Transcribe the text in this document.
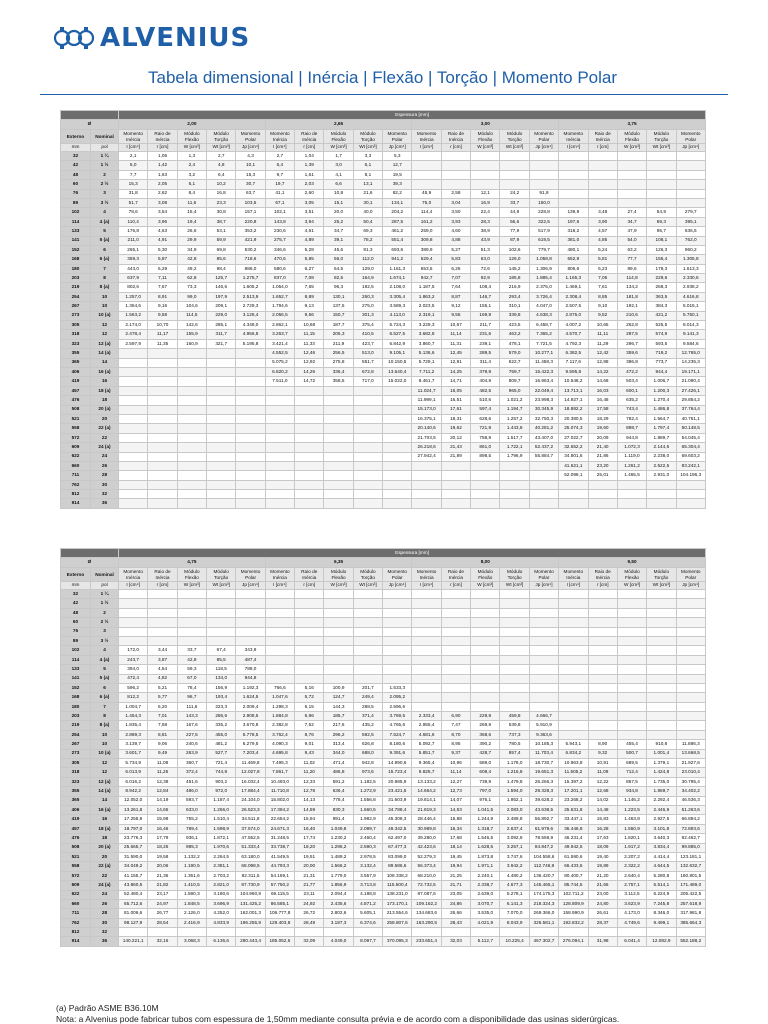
ALVENIUS
Tabela dimensional | Inércia | Flexão | Torção | Momento Polar
		Espessura [mm]																			
Ø		2,00					2,65					3,00					3,75				
Externo	Nominal	Momento Inércia	Raio de Inércia	Módulo Flexão	Módulo Torção	Momento Polar	Momento Inércia	Raio de Inércia	Módulo Flexão	Módulo Torção	Momento Polar	Momento Inércia	Raio de Inércia	Módulo Flexão	Módulo Torção	Momento Polar	Momento Inércia	Raio de Inércia	Módulo Flexão	Módulo Torção	Momento Polar
mm	pol	I [cm⁴]	r [cm]	W [cm³]	Wt [cm³]	Jp [cm⁴]	I [cm⁴]	r [cm]	W [cm³]	Wt [cm³]	Jp [cm⁴]	I [cm⁴]	r [cm]	W [cm³]	Wt [cm³]	Jp [cm⁴]	I [cm⁴]	r [cm]	W [cm³]	Wt [cm³]	Jp [cm⁴]
32	1 ¼	2,1	1,06	1,3	2,7	4,3	2,7	1,04	1,7	3,3	5,3										
42	1 ½	5,0	1,42	2,4	4,8	10,1	6,4	1,39	3,0	6,1	12,7										
48	2	7,7	1,63	3,2	6,4	15,3	9,7	1,61	4,1	8,1	19,5										
60	2 ½	15,3	2,05	5,1	10,2	30,7	19,7	2,03	6,6	13,1	39,3										
76	3	31,8	2,62	8,4	16,8	63,7	41,1	2,60	10,8	21,6	82,2	45,9	2,58	12,1	24,2	91,8					
89	3 ½	51,7	3,08	11,6	23,3	103,5	67,1	3,05	15,1	30,1	134,1	75,0	3,04	16,9	33,7	150,0					
102	4	78,6	3,54	15,4	30,8	157,1	102,1	3,51	20,0	40,0	204,2	114,4	3,50	22,4	44,9	228,8	139,9	3,48	27,4	54,9	279,7
114	4 (a)	110,4	3,96	19,4	38,7	220,8	143,8	3,94	25,2	50,4	287,5	161,2	3,93	28,3	56,6	322,5	197,6	3,90	34,7	69,3	395,1
133	5	176,8	4,63	26,6	53,1	353,2	230,6	4,61	34,7	69,3	461,2	259,0	4,60	38,9	77,9	517,9	318,2	4,57	47,9	95,7	636,5
141	5 (a)	211,0	4,91	29,9	59,9	421,9	275,7	4,89	39,1	78,2	551,4	309,8	4,88	43,9	87,9	619,5	381,0	4,85	54,0	108,1	762,0
152	6	265,1	5,30	34,9	69,8	530,2	346,6	5,28	45,6	91,3	693,6	389,9	5,27	51,3	102,6	779,7	480,1	5,24	63,2	126,3	960,2
168	6 (a)	359,3	5,87	42,8	85,6	718,6	470,6	5,85	56,0	112,0	941,2	529,4	5,83	63,0	126,0	1.058,8	652,9	5,81	77,7	155,4	1.305,8
180	7	443,0	6,29	49,2	98,4	886,0	580,6	6,27	64,5	129,0	1.161,3	653,5	6,26	72,6	145,2	1.306,9	806,6	6,23	89,6	179,3	1.613,3
203	8	637,9	7,11	62,8	125,7	1.275,7	837,0	7,08	82,5	164,9	1.674,1	942,7	7,07	92,9	185,8	1.885,4	1.165,3	7,05	114,8	229,6	2.330,6
219	8 (a)	802,6	7,67	73,3	146,6	1.605,2	1.054,0	7,65	96,3	192,5	2.108,0	1.187,5	7,64	108,4	216,9	2.375,0	1.469,1	7,61	134,2	268,3	2.938,2
254	10	1.257,0	8,91	99,0	197,9	2.513,9	1.652,7	8,89	130,1	260,3	3.305,4	1.863,2	8,87	146,7	293,4	3.726,4	2.308,4	8,85	181,8	363,5	4.616,8
267	10	1.364,6	9,16	104,6	209,1	2.729,3	1.794,6	9,13	137,5	275,0	3.589,3	2.023,5	9,12	155,1	310,1	4.047,0	2.507,5	9,10	192,1	384,3	5.015,1
273	10 (a)	1.563,2	9,58	114,5	229,0	3.126,4	2.056,5	9,56	150,7	301,3	4.113,0	2.319,1	9,55	169,9	339,8	4.638,3	2.875,0	9,52	210,6	421,2	5.750,1
305	12	2.174,0	10,70	142,6	285,1	4.348,0	2.862,1	10,68	187,7	375,4	5.724,3	3.229,3	10,67	211,7	423,5	6.458,7	4.007,2	10,65	262,8	525,5	8.014,3
318	12	2.478,4	11,17	155,9	311,7	4.956,8	3.263,7	11,15	205,3	410,5	6.527,5	3.682,8	11,14	231,6	463,2	7.365,2	4.570,7	11,11	287,5	574,9	9.141,3
323	12 (a)	2.597,9	11,35	160,9	321,7	5.195,8	3.421,4	11,33	211,9	423,7	6.842,9	3.860,7	11,31	239,1	478,1	7.721,5	4.792,3	11,29	296,7	593,5	9.584,6
355	14 (a)						4.552,5	12,46	256,5	513,0	9.105,1	5.136,6	12,45	289,5	579,0	10.277,1	6.382,5	12,42	359,6	719,2	12.765,0
365	14						5.075,2	12,92	275,8	551,7	10.150,5	5.729,1	12,91	311,4	622,7	11.458,3	7.117,6	12,88	386,8	773,7	14.235,3
406	16 (a)						6.820,2	14,26	336,4	672,8	13.640,4	7.711,2	14,25	379,9	759,7	15.422,3	9.595,8	14,22	472,2	944,4	19.171,1
419	16						7.511,0	14,72	358,5	717,0	15.022,0	8.461,7	14,71	404,9	809,7	16.963,4	10.548,2	14,68	503,4	1.006,7	21.090,4
457	18 (a)											11.024,7	16,05	482,5	965,0	22.049,4	13.713,1	16,03	600,1	1.200,3	27.426,1
476	18											11.999,1	16,51	510,6	1.021,2	23.998,3	14.927,1	16,48	635,2	1.270,4	29.854,2
508	20 (a)											15.173,0	17,61	597,4	1.194,7	30.345,9	18.882,2	17,58	743,4	1.486,8	37.764,4
521	20											16.375,1	18,31	628,6	1.257,2	32.750,3	20.380,5	18,29	782,4	1.564,7	40.761,1
558	22 (a)											20.140,6	19,62	721,9	1.443,8	40.281,2	25.074,3	19,60	898,7	1.797,4	50.148,5
572	22											21.703,5	20,12	758,9	1.517,7	43.407,0	27.022,7	20,09	944,8	1.889,7	54.045,4
609	24 (a)											26.218,6	21,43	861,0	1.722,1	52.437,2	32.652,2	21,40	1.072,3	2.144,6	65.304,4
622	24											27.942,4	21,89	898,5	1.796,9	55.884,7	34.801,6	21,86	1.119,0	2.238,0	69.603,2
660	26																41.621,1	23,20	1.261,2	2.522,5	83.242,1
711	28																52.098,1	25,01	1.465,5	2.931,0	104.196,3
762	30																				
812	32																				
914	36																				
		Espessura [mm]																			
Ø		4,75					6,35					8,00					9,50				
Externo	Nominal	Momento Inércia	Raio de Inércia	Módulo Flexão	Módulo Torção	Momento Polar	Momento Inércia	Raio de Inércia	Módulo Flexão	Módulo Torção	Momento Polar	Momento Inércia	Raio de Inércia	Módulo Flexão	Módulo Torção	Momento Polar	Momento Inércia	Raio de Inércia	Módulo Flexão	Módulo Torção	Momento Polar
mm	pol	I [cm⁴]	r [cm]	W [cm³]	Wt [cm³]	Jp [cm⁴]	I [cm⁴]	r [cm]	W [cm³]	Wt [cm³]	Jp [cm⁴]	I [cm⁴]	r [cm]	W [cm³]	Wt [cm³]	Jp [cm⁴]	I [cm⁴]	r [cm]	W [cm³]	Wt [cm³]	Jp [cm⁴]
32	1 ¼																				
42	1 ½																				
48	2																				
60	2 ½																				
76	3																				
89	3 ½																				
102	4	172,0	3,44	33,7	67,4	343,9															
114	4 (a)	243,7	3,87	42,8	85,5	487,4															
133	5	394,0	4,54	59,3	118,5	788,0															
141	5 (a)	472,4	4,82	67,0	134,0	944,8															
152	6	596,2	5,21	78,4	156,9	1.192,3	766,6	5,16	100,9	201,7	1.533,3										
168	6 (a)	812,2	5,77	96,7	193,4	1.624,5	1.047,6	5,72	124,7	249,4	2.095,2										
180	7	1.004,7	6,20	111,6	223,3	2.009,4	1.298,3	6,15	144,3	288,5	2.596,6										
203	8	1.454,3	7,01	143,3	286,6	2.908,5	1.884,8	6,96	185,7	371,4	3.769,5	2.333,4	6,90	229,9	459,8	4.666,7					
219	8 (a)	1.835,4	7,58	167,6	335,2	3.670,8	2.382,8	7,52	217,6	435,2	4.765,6	2.955,4	7,47	269,9	539,8	5.910,9					
254	10	2.889,3	8,81	227,5	455,0	5.778,5	3.762,4	8,76	296,2	592,5	7.524,7	4.681,6	8,70	368,6	737,3	9.363,6					
267	10	3.139,7	9,06	240,6	481,2	6.279,5	4.090,3	9,01	313,4	626,8	8.180,6	5.092,7	8,95	390,2	780,5	10.185,3	5.943,1	8,90	455,4	910,8	11.886,3
273	10 (a)	3.601,7	9,49	263,9	527,7	7.203,4	4.695,8	9,43	344,0	688,0	9.391,6	5.851,7	9,37	428,7	857,4	11.703,4	6.834,2	9,32	500,7	1.001,4	13.668,5
305	12	5.734,9	11,08	360,7	721,4	11.469,8	7.495,3	11,02	471,4	942,8	14.990,6	9.365,4	10,96	589,0	1.178,0	18.730,7	10.963,8	10,91	689,5	1.379,1	21.927,6
318	12	6.013,9	11,25	372,4	744,8	12.027,8	7.861,7	11,20	486,8	973,6	15.723,4	9.825,7	11,14	608,4	1.216,8	19.651,3	11.505,2	11,09	712,4	1.424,8	23.010,4
323	12 (a)	6.016,2	12,38	451,6	903,2	16.032,4	10.493,0	12,33	591,2	1.182,5	20.985,9	13.133,2	12,27	739,9	1.479,8	26.266,3	15.397,2	12,22	867,5	1.735,0	30.795,4
355	14 (a)	8.942,2	12,84	486,0	972,0	17.884,4	11.710,8	12,78	636,4	1.272,9	23.421,5	14.664,2	12,73	797,0	1.594,0	29.328,3	17.201,1	12,68	934,8	1.869,7	34.402,2
365	14	12.052,0	14,19	593,7	1.187,4	24.104,0	15.802,0	14,13	778,4	1.556,8	31.603,9	19.814,1	14,07	976,1	1.952,1	39.628,2	23.268,2	14,02	1.146,2	2.292,4	46.536,3
406	16 (a)	13.261,8	14,65	633,0	1.266,0	26.523,3	17.394,2	14,59	830,3	1.660,5	34.788,4	21.819,3	14,53	1.041,5	2.083,0	43.638,5	25.631,8	14,48	1.223,5	2.446,9	51.263,6
419	16	17.255,9	15,98	755,2	1.510,4	34.511,8	22.654,2	15,94	991,4	1.982,9	45.308,3	28.446,4	15,88	1.244,9	2.489,8	56.892,7	33.447,1	15,83	1.463,8	2.927,5	66.894,2
457	18 (a)	18.797,0	16,46	789,4	1.598,9	37.574,0	24.671,3	16,40	1.049,8	2.099,7	49.342,5	30.989,8	16,34	1.318,7	2.637,4	61.979,6	36.446,8	16,28	1.550,9	3.101,8	72.893,6
476	18	23.776,3	17,79	936,1	1.872,1	47.552,5	31.248,5	17,74	1.230,2	2.460,4	62.497,0	39.280,0	17,68	1.546,5	3.092,9	78.559,9	46.231,4	17,63	1.820,1	3.640,3	92.462,7
508	20 (a)	25.665,7	18,25	985,3	1.970,6	51.333,4	33.738,7	18,20	1.295,2	2.590,3	67.477,3	42.423,6	18,14	1.628,5	3.257,1	84.847,2	49.942,5	18,09	1.917,2	3.834,4	99.885,0
521	20	31.590,0	19,58	1.132,2	2.264,5	63.180,0	41.549,5	19,51	1.489,2	2.978,5	83.099,0	52.279,3	19,45	1.873,8	3.747,6	104.558,6	61.590,6	19,40	2.207,2	4.414,4	123.181,1
558	22 (a)	34.049,2	20,06	1.190,5	2.381,1	68.098,5	44.793,3	20,00	1.566,2	3.132,4	89.586,6	56.373,4	19,94	1.971,1	3.942,2	112.746,9	66.433,6	19,89	2.322,2	4.644,5	132.632,7
572	22	41.155,7	21,36	1.351,6	2.703,2	82.311,5	54.169,1	21,31	1.779,0	3.557,9	108.338,2	68.210,0	21,25	2.240,1	4.480,2	136.420,7	80.400,7	21,20	2.640,4	5.280,8	160.801,5
609	24 (a)	43.860,5	21,82	1.410,5	2.821,0	87.730,9	57.750,2	21,77	1.856,9	3.713,8	115.500,4	72.732,5	21,71	2.338,7	4.677,3	145.465,1	85.744,5	21,66	2.757,1	5.514,1	171.489,0
622	24	52.480,4	23,17	1.590,3	3.180,6	104.960,9	69.115,5	23,11	2.094,4	4.188,8	138.231,0	87.087,6	23,05	2.639,0	5.278,1	174.175,3	102.711,2	23,00	3.112,5	6.224,9	205.422,5
660	26	65.712,6	24,97	1.848,5	3.696,9	131.425,2	86.585,1	24,92	2.435,6	4.871,2	173.170,1	109.162,2	24,86	3.070,7	6.141,3	218.324,3	128.809,9	24,80	3.623,9	7.245,8	257.618,9
711	28	81.006,6	26,77	2.126,0	4.252,0	162.001,3	106.777,8	26,72	2.802,6	5.605,1	213.554,6	134.683,6	26,66	3.535,0	7.070,0	269.366,0	158.990,9	26,61	4.173,0	8.346,0	317.981,8
762	30	98.127,9	28,54	2.416,9	4.833,9	196.255,9	129.403,8	28,49	3.187,3	6.374,6	258.807,6	163.290,5	28,43	4.021,9	8.043,9	326.581,1	192.832,2	28,37	4.749,6	9.499,1	385.664,3
812	32																				
914	36	140.221,1	32,16	3.068,3	6.136,6	280.443,4	185.052,6	32,09	4.049,0	8.097,7	370.095,3	233.651,4	32,03	5.112,7	10.225,4	467.302,7	276.094,1	31,98	6.041,4	12.082,9	552.188,2
(a) Padrão ASME B36.10M
Nota: a Alvenius pode fabricar tubos com espessura de 1,50mm mediante consulta prévia e de acordo com a disponibilidade das usinas siderúrgicas.
